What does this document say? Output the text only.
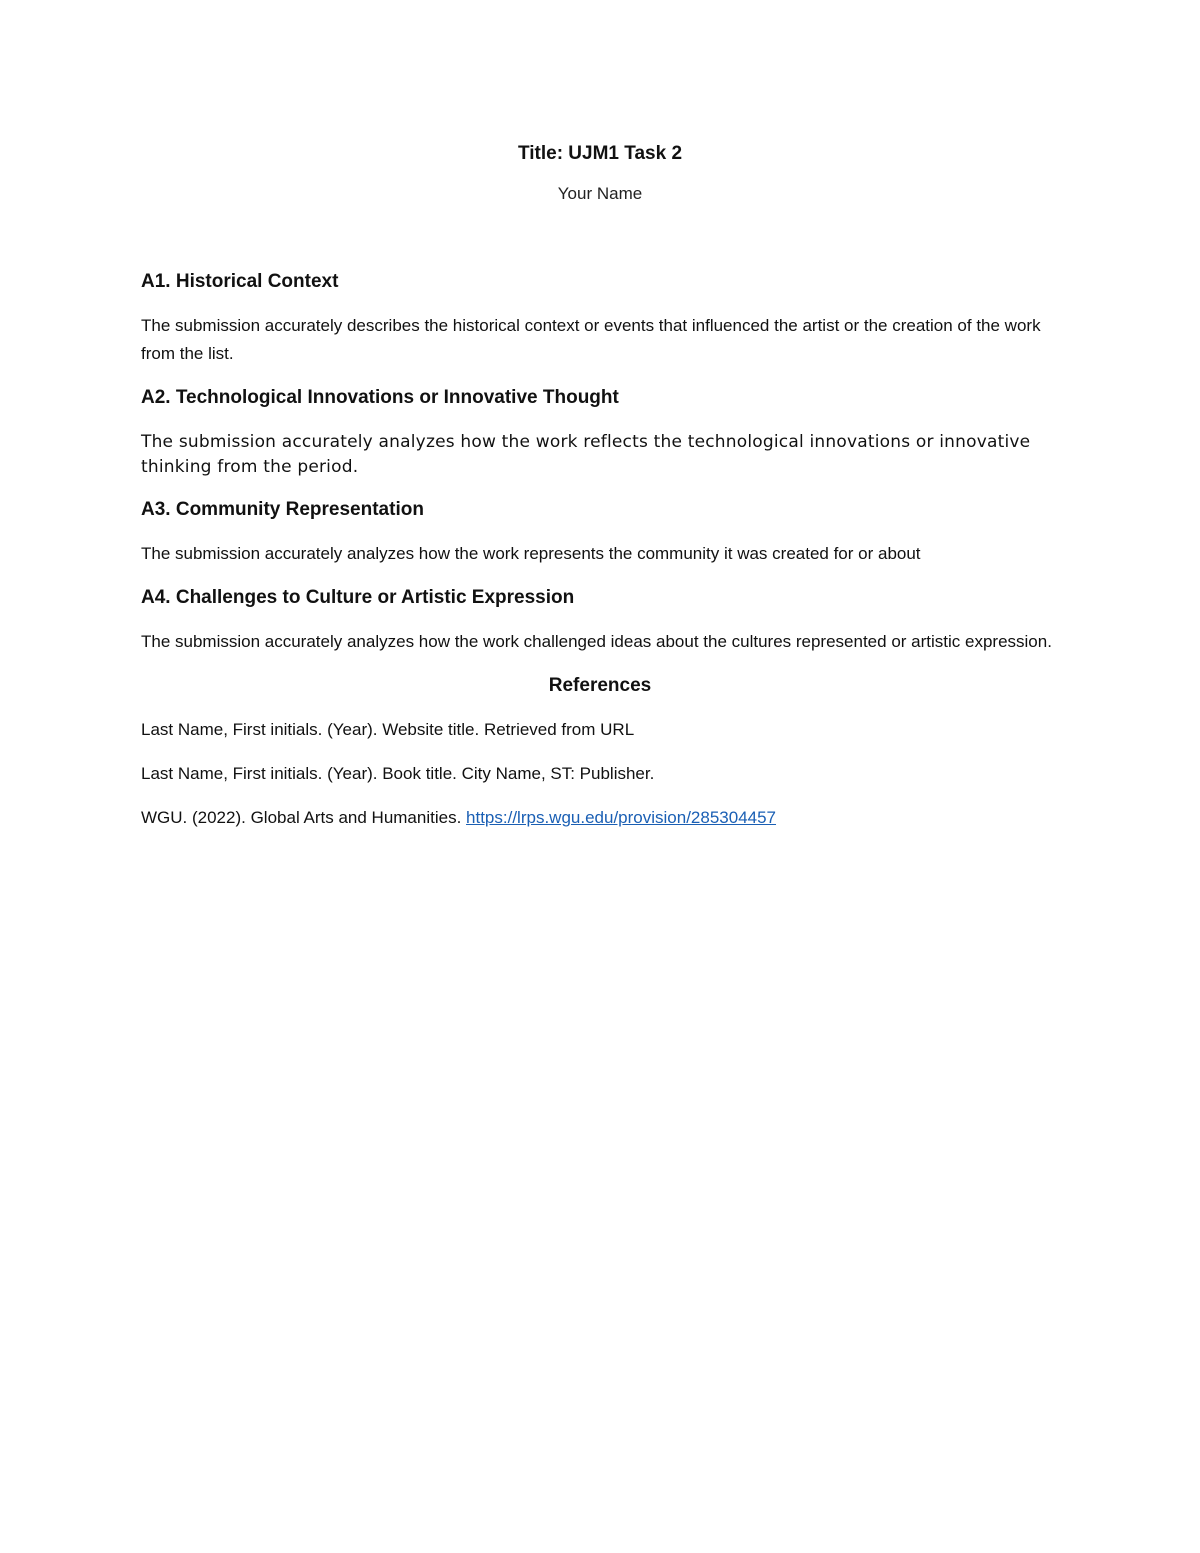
Title: UJM1 Task 2

Your Name

A1. Historical Context

The submission accurately describes the historical context or events that influenced the artist or the creation of the work from the list.

A2. Technological Innovations or Innovative Thought

The submission accurately analyzes how the work reflects the technological innovations or innovative thinking from the period.

A3. Community Representation

The submission accurately analyzes how the work represents the community it was created for or about

A4. Challenges to Culture or Artistic Expression

The submission accurately analyzes how the work challenged ideas about the cultures represented or artistic expression.

References

Last Name, First initials. (Year). Website title. Retrieved from URL

Last Name, First initials. (Year). Book title. City Name, ST: Publisher.

WGU. (2022). Global Arts and Humanities. https://lrps.wgu.edu/provision/285304457
